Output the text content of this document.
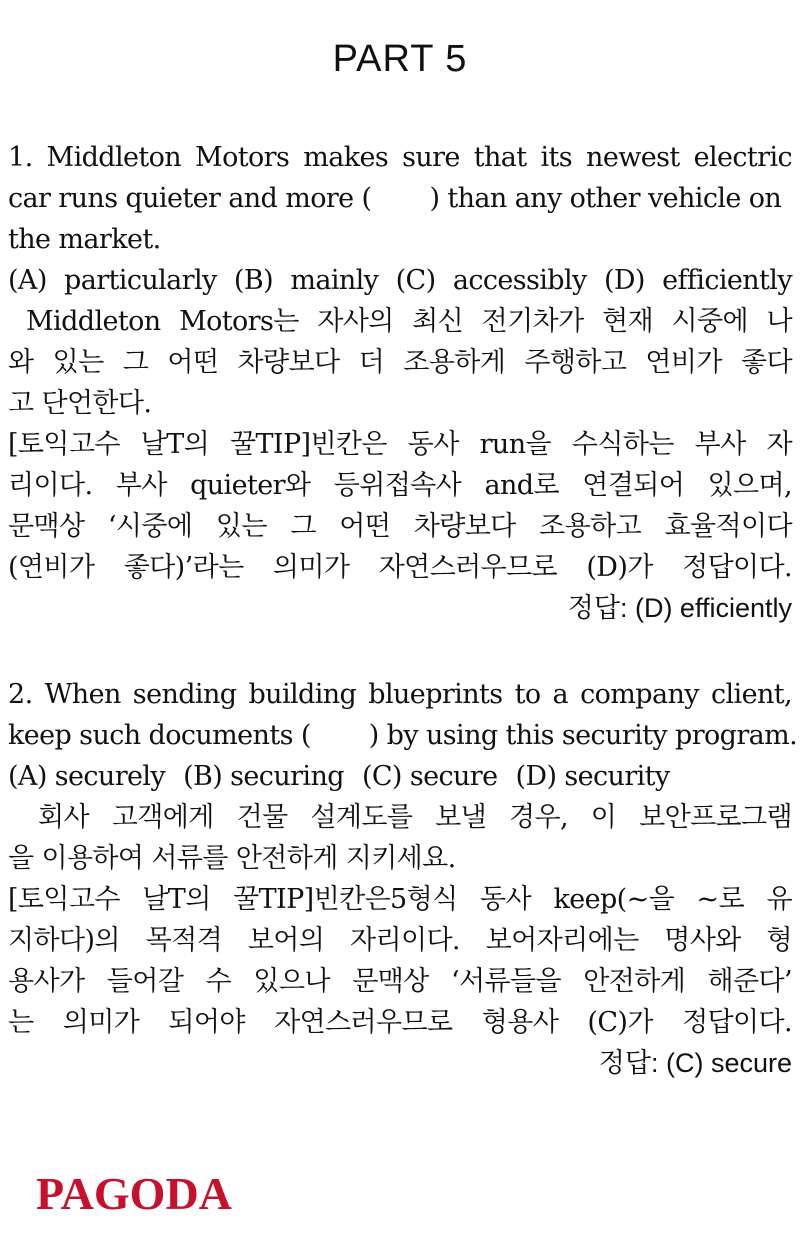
PART 5
1. Middleton Motors makes sure that its newest electric
car runs quieter and more ( ) than any other vehicle on
the market.
(A) particularly (B) mainly (C) accessibly (D) efficiently
Middleton Motors는 자사의 최신 전기차가 현재 시중에 나
와 있는 그 어떤 차량보다 더 조용하게 주행하고 연비가 좋다
고 단언한다.
[토익고수 날T의 꿀TIP]빈칸은 동사 run을 수식하는 부사 자
리이다. 부사 quieter와 등위접속사 and로 연결되어 있으며,
문맥상 ‘시중에 있는 그 어떤 차량보다 조용하고 효율적이다
(연비가 좋다)’라는 의미가 자연스러우므로 (D)가 정답이다.
정답: (D) efficiently
2. When sending building blueprints to a company client,
keep such documents ( ) by using this security program.
(A) securely (B) securing (C) secure (D) security
회사 고객에게 건물 설계도를 보낼 경우, 이 보안프로그램
을 이용하여 서류를 안전하게 지키세요.
[토익고수 날T의 꿀TIP]빈칸은5형식 동사 keep(~을 ~로 유
지하다)의 목적격 보어의 자리이다. 보어자리에는 명사와 형
용사가 들어갈 수 있으나 문맥상 ‘서류들을 안전하게 해준다’
는 의미가 되어야 자연스러우므로 형용사 (C)가 정답이다.
정답: (C) secure
PAGODA
